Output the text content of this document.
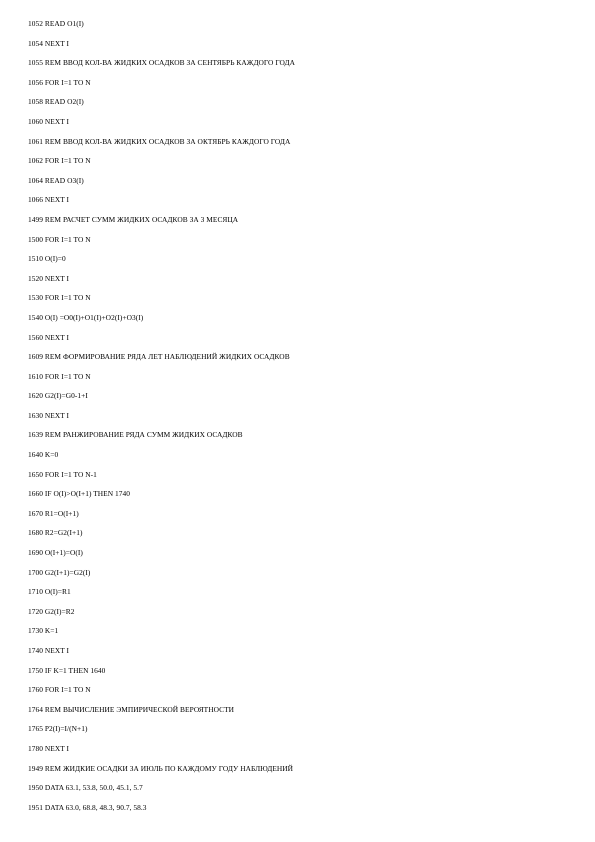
1052 READ O1(I)
1054 NEXT I
1055 REM ВВОД КОЛ-ВА ЖИДКИХ ОСАДКОВ ЗА СЕНТЯБРЬ КАЖДОГО ГОДА
1056 FOR I=1 TO N
1058 READ O2(I)
1060 NEXT I
1061 REM ВВОД КОЛ-ВА ЖИДКИХ ОСАДКОВ ЗА ОКТЯБРЬ КАЖДОГО ГОДА
1062 FOR I=1 TO N
1064 READ O3(I)
1066 NEXT I
1499 REM РАСЧЕТ СУММ ЖИДКИХ ОСАДКОВ ЗА 3 МЕСЯЦА
1500 FOR I=1 TO N
1510 O(I)=0
1520 NEXT I
1530 FOR I=1 TO N
1540 O(I) =O0(I)+O1(I)+O2(I)+O3(I)
1560 NEXT I
1609 REM ФОРМИРОВАНИЕ РЯДА ЛЕТ НАБЛЮДЕНИЙ ЖИДКИХ ОСАДКОВ
1610 FOR I=1 TO N
1620 G2(I)=G0-1+I
1630 NEXT I
1639 REM РАНЖИРОВАНИЕ РЯДА СУММ ЖИДКИХ ОСАДКОВ
1640 K=0
1650 FOR I=1 TO N-1
1660 IF O(I)>O(I+1) THEN 1740
1670 R1=O(I+1)
1680 R2=G2(I+1)
1690 O(I+1)=O(I)
1700 G2(I+1)=G2(I)
1710 O(I)=R1
1720 G2(I)=R2
1730 K=1
1740 NEXT I
1750 IF K=1 THEN 1640
1760 FOR I=1 TO N
1764 REM ВЫЧИСЛЕНИЕ ЭМПИРИЧЕСКОЙ ВЕРОЯТНОСТИ
1765 P2(I)=I/(N+1)
1780 NEXT I
1949 REM ЖИДКИЕ ОСАДКИ ЗА ИЮЛЬ ПО КАЖДОМУ ГОДУ НАБЛЮДЕНИЙ
1950 DATA 63.1, 53.8, 50.0, 45.1, 5.7
1951 DATA 63.0, 68.8, 48.3, 90.7, 58.3
